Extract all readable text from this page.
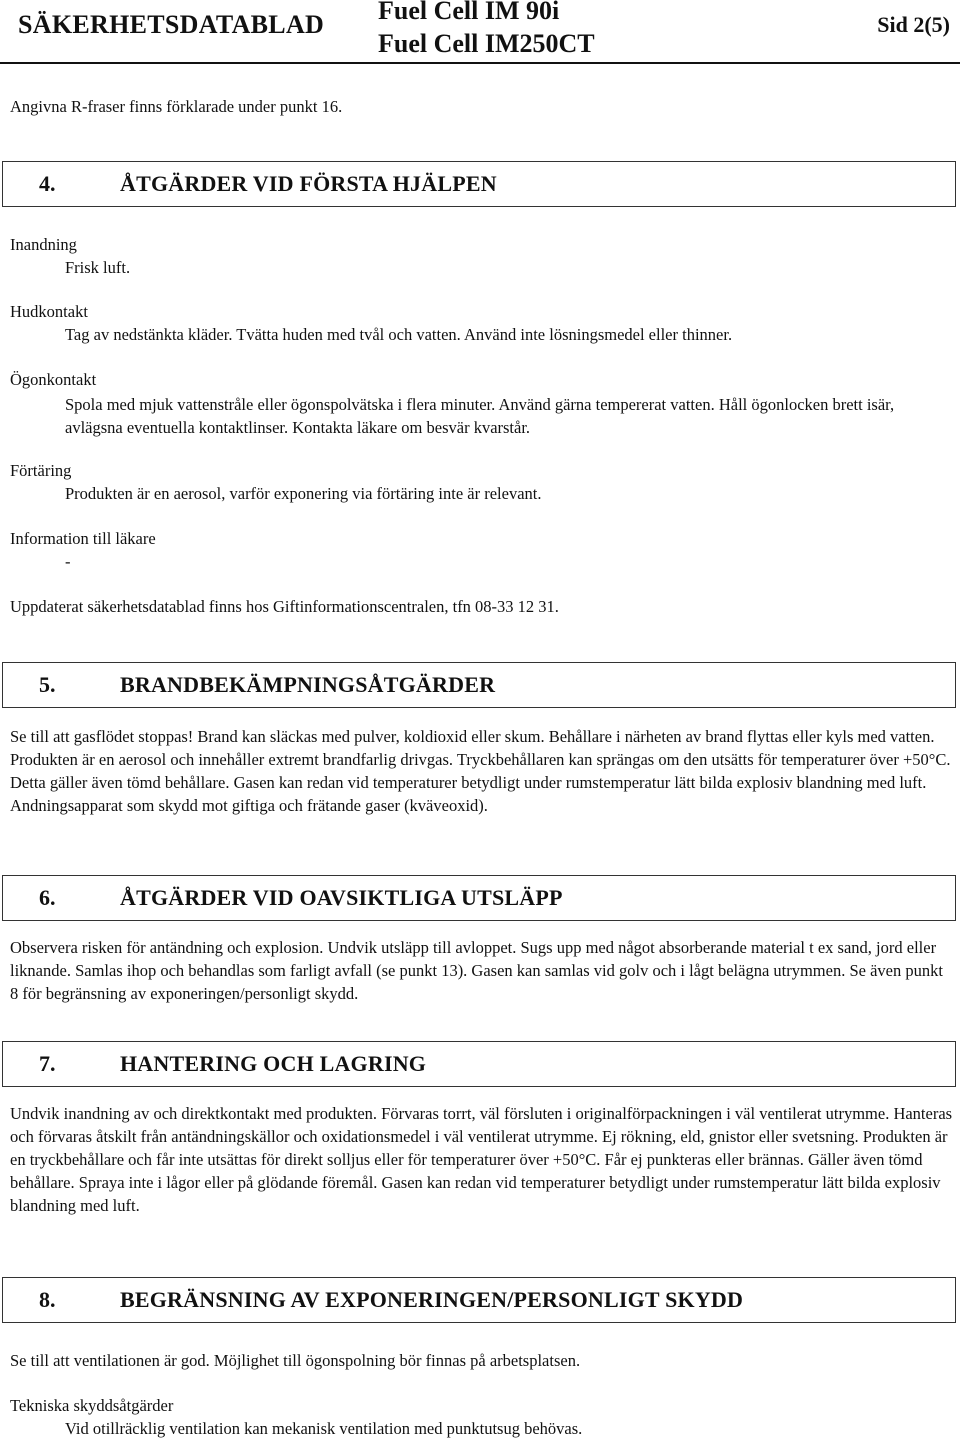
SÄKERHETSDATABLAD Fuel Cell IM 90i
Fuel Cell IM250CT
Sid 2(5)
Angivna R-fraser finns förklarade under punkt 16.
4.	ÅTGÄRDER VID FÖRSTA HJÄLPEN
Inandning
Frisk luft.
Hudkontakt
Tag av nedstänkta kläder. Tvätta huden med tvål och vatten. Använd inte lösningsmedel eller thinner.
Ögonkontakt
Spola med mjuk vattenstråle eller ögonspolvätska i flera minuter. Använd gärna tempererat vatten. Håll ögonlocken brett isär, avlägsna eventuella kontaktlinser. Kontakta läkare om besvär kvarstår.
Förtäring
Produkten är en aerosol, varför exponering via förtäring inte är relevant.
Information till läkare
-
Uppdaterat säkerhetsdatablad finns hos Giftinformationscentralen, tfn 08-33 12 31.
5.	BRANDBEKÄMPNINGSÅTGÄRDER
Se till att gasflödet stoppas! Brand kan släckas med pulver, koldioxid eller skum. Behållare i närheten av brand flyttas eller kyls med vatten. Produkten är en aerosol och innehåller extremt brandfarlig drivgas. Tryckbehållaren kan sprängas om den utsätts för temperaturer över +50°C. Detta gäller även tömd behållare. Gasen kan redan vid temperaturer betydligt under rumstemperatur lätt bilda explosiv blandning med luft. Andningsapparat som skydd mot giftiga och frätande gaser (kväveoxid).
6.	ÅTGÄRDER VID OAVSIKTLIGA UTSLÄPP
Observera risken för antändning och explosion. Undvik utsläpp till avloppet. Sugs upp med något absorberande material t ex sand, jord eller liknande. Samlas ihop och behandlas som farligt avfall (se punkt 13). Gasen kan samlas vid golv och i lågt belägna utrymmen. Se även punkt 8 för begränsning av exponeringen/personligt skydd.
7.	HANTERING OCH LAGRING
Undvik inandning av och direktkontakt med produkten. Förvaras torrt, väl försluten i originalförpackningen i väl ventilerat utrymme. Hanteras och förvaras åtskilt från antändningskällor och oxidationsmedel i väl ventilerat utrymme. Ej rökning, eld, gnistor eller svetsning. Produkten är en tryckbehållare och får inte utsättas för direkt solljus eller för temperaturer över +50°C. Får ej punkteras eller brännas. Gäller även tömd behållare. Spraya inte i lågor eller på glödande föremål. Gasen kan redan vid temperaturer betydligt under rumstemperatur lätt bilda explosiv blandning med luft.
8.	BEGRÄNSNING AV EXPONERINGEN/PERSONLIGT SKYDD
Se till att ventilationen är god. Möjlighet till ögonspolning bör finnas på arbetsplatsen.
Tekniska skyddsåtgärder
Vid otillräcklig ventilation kan mekanisk ventilation med punktutsug behövas.
